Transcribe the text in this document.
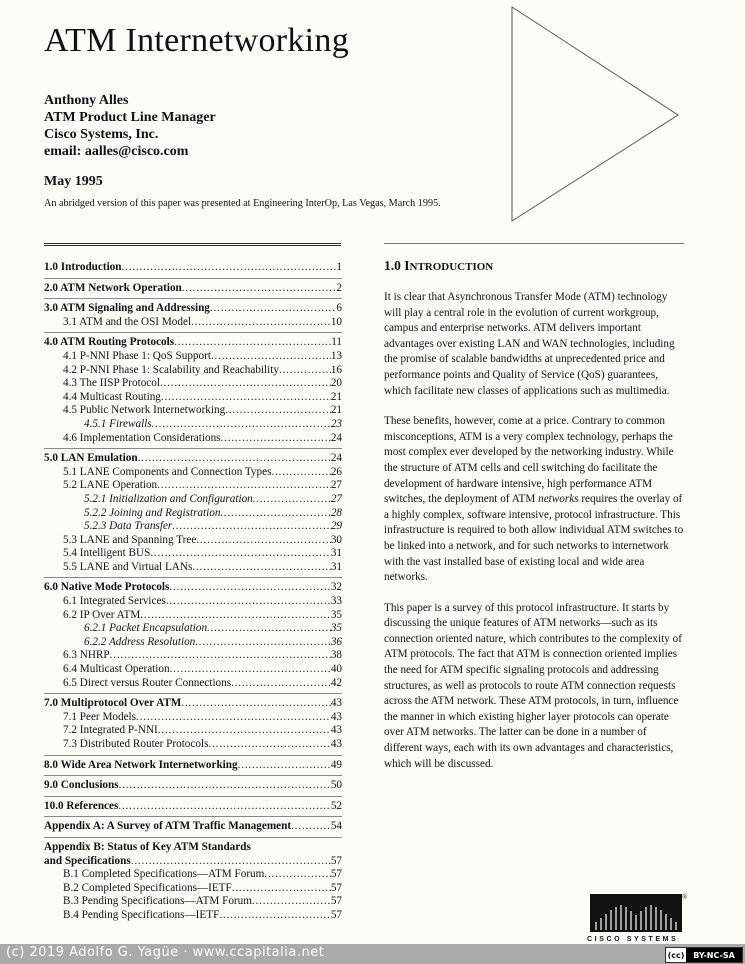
ATM Internetworking
Anthony Alles
ATM Product Line Manager
Cisco Systems, Inc.
email: aalles@cisco.com
May 1995
An abridged version of this paper was presented at Engineering InterOp, Las Vegas, March 1995.
1.0 Introduction . . .	1
2.0 ATM Network Operation . . .	2
3.0 ATM Signaling and Addressing . . .	6
3.1 ATM and the OSI Model . . .	10
4.0 ATM Routing Protocols . . .	11
4.1 P-NNI Phase 1: QoS Support . . .	13
4.2 P-NNI Phase 1: Scalability and Reachability . . .	16
4.3 The IISP Protocol . . .	20
4.4 Multicast Routing . . .	21
4.5 Public Network Internetworking . . .	21
4.5.1 Firewalls . . .	23
4.6 Implementation Considerations . . .	24
5.0 LAN Emulation . . .	24
5.1 LANE Components and Connection Types . . .	26
5.2 LANE Operation . . .	27
5.2.1 Initialization and Configuration . . .	27
5.2.2 Joining and Registration . . .	28
5.2.3 Data Transfer . . .	29
5.3 LANE and Spanning Tree . . .	30
5.4 Intelligent BUS . . .	31
5.5 LANE and Virtual LANs . . .	31
6.0 Native Mode Protocols . . .	32
6.1 Integrated Services . . .	33
6.2 IP Over ATM . . .	35
6.2.1 Packet Encapsulation . . .	35
6.2.2 Address Resolution . . .	36
6.3 NHRP . . .	38
6.4 Multicast Operation . . .	40
6.5 Direct versus Router Connections . . .	42
7.0 Multiprotocol Over ATM . . .	43
7.1 Peer Models . . .	43
7.2 Integrated P-NNI . . .	43
7.3 Distributed Router Protocols . . .	43
8.0 Wide Area Network Internetworking . . .	49
9.0 Conclusions . . .	50
10.0 References . . .	52
Appendix A: A Survey of ATM Traffic Management . . .	54
Appendix B: Status of Key ATM Standards
and Specifications . . .	57
B.1 Completed Specifications—ATM Forum . . .	57
B.2 Completed Specifications—IETF . . .	57
B.3 Pending Specifications—ATM Forum . . .	57
B.4 Pending Specifications—IETF . . .	57
1.0 INTRODUCTION

It is clear that Asynchronous Transfer Mode (ATM) technology will play a central role in the evolution of current workgroup, campus and enterprise networks. ATM delivers important advantages over existing LAN and WAN technologies, including the promise of scalable bandwidths at unprecedented price and performance points and Quality of Service (QoS) guarantees, which facilitate new classes of applications such as multimedia.

These benefits, however, come at a price. Contrary to common misconceptions, ATM is a very complex technology, perhaps the most complex ever developed by the networking industry. While the structure of ATM cells and cell switching do facilitate the development of hardware intensive, high performance ATM switches, the deployment of ATM networks requires the overlay of a highly complex, software intensive, protocol infrastructure. This infrastructure is required to both allow individual ATM switches to be linked into a network, and for such networks to internetwork with the vast installed base of existing local and wide area networks.

This paper is a survey of this protocol infrastructure. It starts by discussing the unique features of ATM networks—such as its connection oriented nature, which contributes to the complexity of ATM protocols. The fact that ATM is connection oriented implies the need for ATM specific signaling protocols and addressing structures, as well as protocols to route ATM connection requests across the ATM network. These ATM protocols, in turn, influence the manner in which existing higher layer protocols can operate over ATM networks. The latter can be done in a number of different ways, each with its own advantages and characteristics, which will be discussed.

®
CISCO SYSTEMS
(c) 2019 Adolfo G. Yagüe · www.ccapitalia.net	(cc)	BY-NC-SA
